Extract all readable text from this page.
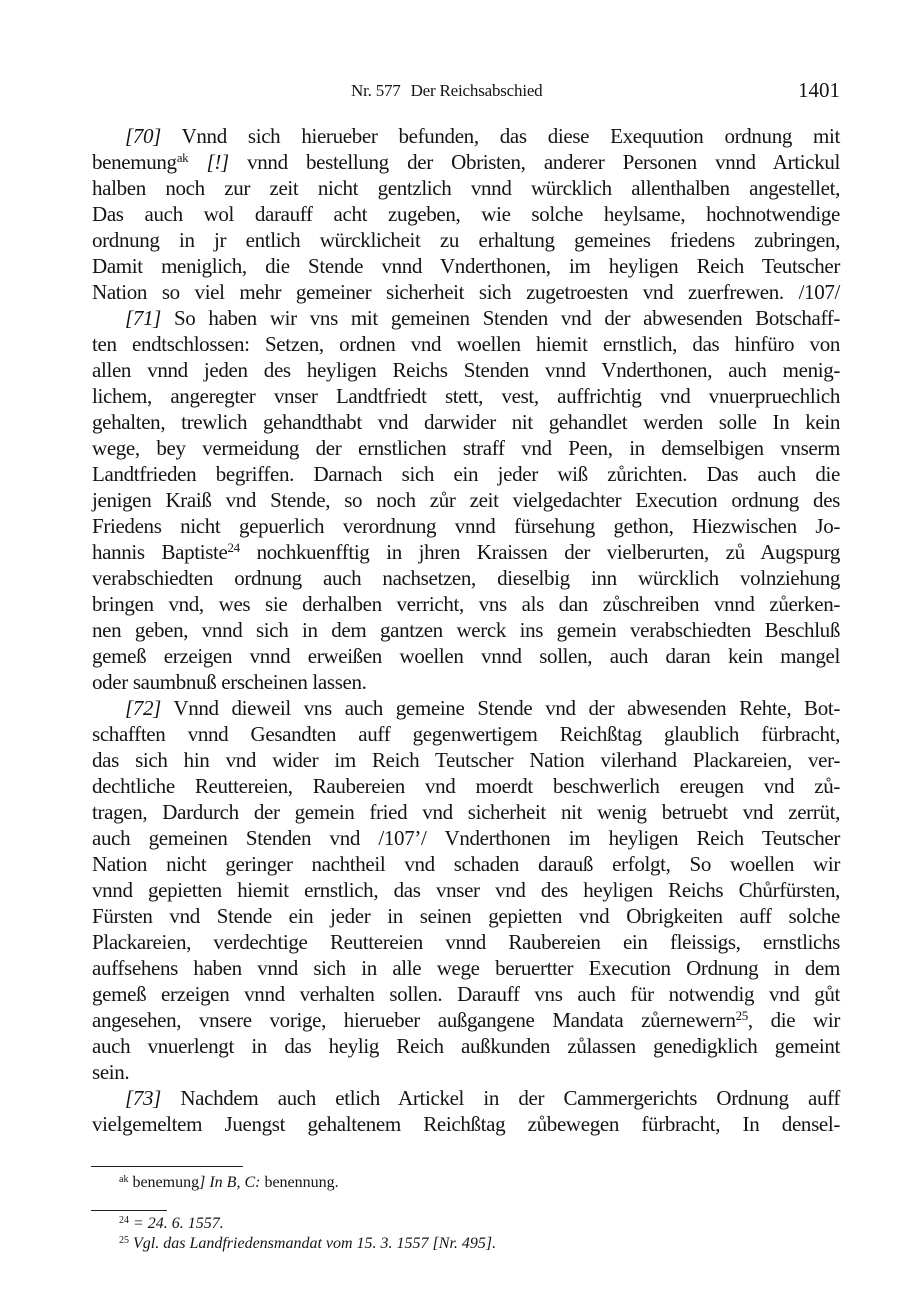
Nr. 577 Der Reichsabschied	1401
[70] Vnnd sich hierueber befunden, das diese Exequution ordnung mit
benemung$^{ak}$ [!] vnnd bestellung der Obristen, anderer Personen vnnd Artickul
halben noch zur zeit nicht gentzlich vnnd würcklich allenthalben angestellet,
Das auch wol darauff acht zugeben, wie solche heylsame, hochnotwendige
ordnung in jr entlich würcklicheit zu erhaltung gemeines friedens zubringen,
Damit meniglich, die Stende vnnd Vnderthonen, im heyligen Reich Teutscher
Nation so viel mehr gemeiner sicherheit sich zugetroesten vnd zuerfrewen. /107/
[71] So haben wir vns mit gemeinen Stenden vnd der abwesenden Botschaff-
ten endtschlossen: Setzen, ordnen vnd woellen hiemit ernstlich, das hinfüro von
allen vnnd jeden des heyligen Reichs Stenden vnnd Vnderthonen, auch menig-
lichem, angeregter vnser Landtfriedt stett, vest, auffrichtig vnd vnuerpruechlich
gehalten, trewlich gehandthabt vnd darwider nit gehandlet werden solle In kein
wege, bey vermeidung der ernstlichen straff vnd Peen, in demselbigen vnserm
Landtfrieden begriffen. Darnach sich ein jeder wiß zůrichten. Das auch die
jenigen Kraiß vnd Stende, so noch zůr zeit vielgedachter Execution ordnung des
Friedens nicht gepuerlich verordnung vnnd fürsehung gethon, Hiezwischen Jo-
hannis Baptiste$^{24}$ nochkuenfftig in jhren Kraissen der vielberurten, zů Augspurg
verabschiedten ordnung auch nachsetzen, dieselbig inn würcklich volnziehung
bringen vnd, wes sie derhalben verricht, vns als dan zůschreiben vnnd zůerken-
nen geben, vnnd sich in dem gantzen werck ins gemein verabschiedten Beschluß
gemeß erzeigen vnnd erweißen woellen vnnd sollen, auch daran kein mangel
oder saumbnuß erscheinen lassen.
[72] Vnnd dieweil vns auch gemeine Stende vnd der abwesenden Rehte, Bot-
schafften vnnd Gesandten auff gegenwertigem Reichßtag glaublich fürbracht,
das sich hin vnd wider im Reich Teutscher Nation vilerhand Plackareien, ver-
dechtliche Reuttereien, Raubereien vnd moerdt beschwerlich ereugen vnd zů-
tragen, Dardurch der gemein fried vnd sicherheit nit wenig betruebt vnd zerrüt,
auch gemeinen Stenden vnd /107’/ Vnderthonen im heyligen Reich Teutscher
Nation nicht geringer nachtheil vnd schaden darauß erfolgt, So woellen wir
vnnd gepietten hiemit ernstlich, das vnser vnd des heyligen Reichs Chůrfürsten,
Fürsten vnd Stende ein jeder in seinen gepietten vnd Obrigkeiten auff solche
Plackareien, verdechtige Reuttereien vnnd Raubereien ein fleissigs, ernstlichs
auffsehens haben vnnd sich in alle wege beruertter Execution Ordnung in dem
gemeß erzeigen vnnd verhalten sollen. Darauff vns auch für notwendig vnd gůt
angesehen, vnsere vorige, hierueber außgangene Mandata zůernewern$^{25}$, die wir
auch vnuerlengt in das heylig Reich außkunden zůlassen genedigklich gemeint
sein.
[73] Nachdem auch etlich Artickel in der Cammergerichts Ordnung auff
vielgemeltem Juengst gehaltenem Reichßtag zůbewegen fürbracht, In densel-
$^{ak}$ benemung] In B, C: benennung.
$^{24}$ = 24. 6. 1557.
$^{25}$ Vgl. das Landfriedensmandat vom 15. 3. 1557 [Nr. 495].
